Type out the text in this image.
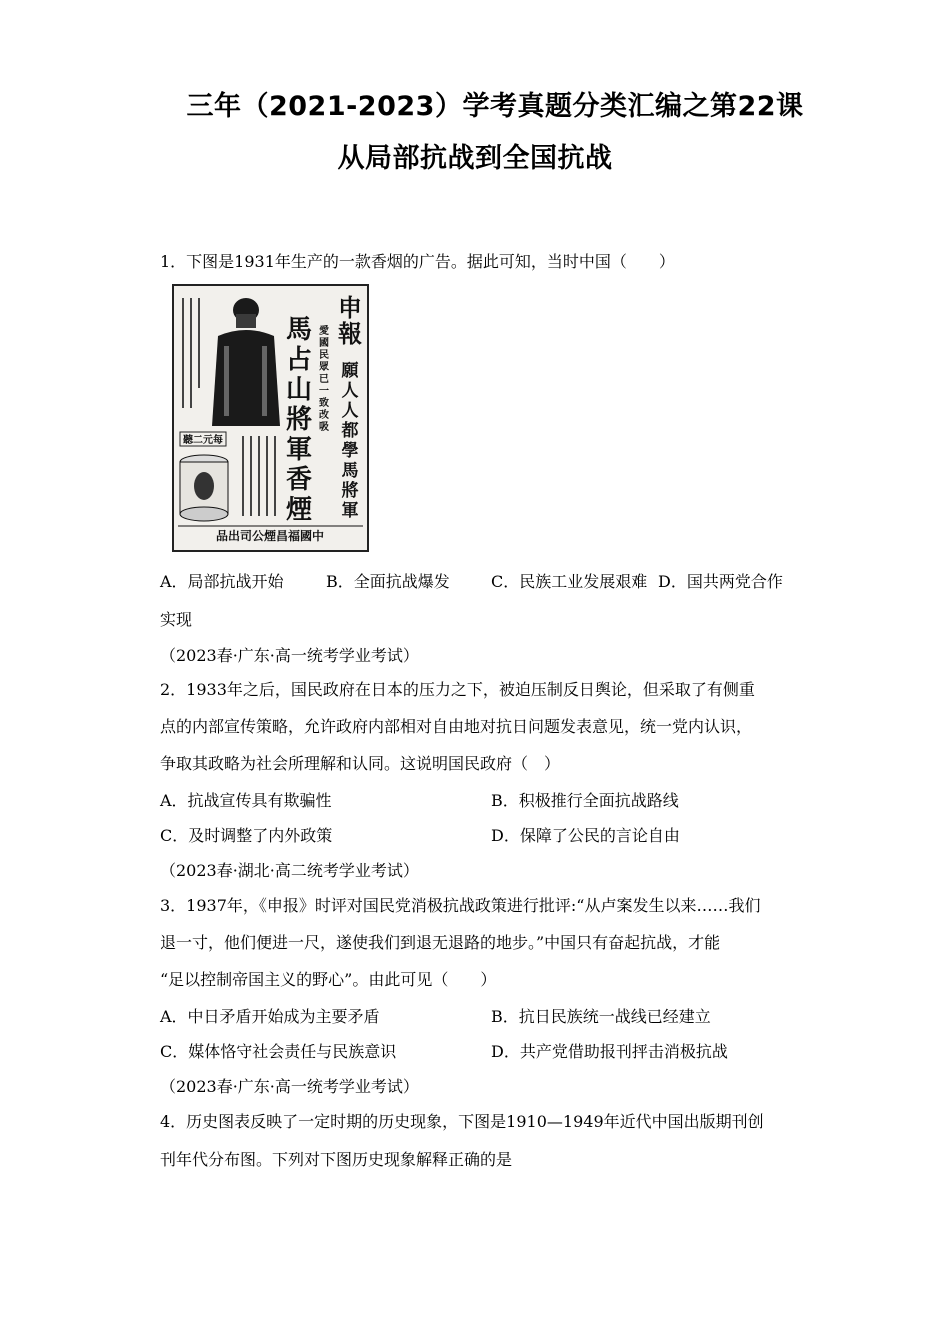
三年（2021-2023）学考真题分类汇编之第22课
从局部抗战到全国抗战
1．下图是1931年生产的一款香烟的广告。据此可知，当时中国（　　）
申
報
馬
占
山
將
軍
香
煙
願
人
人
都
學
馬
將
軍
愛
國
民
眾
已
一
致
改
吸
聽二元每
品出司公煙昌福國中
A．局部抗战开始	B．全面抗战爆发	C．民族工业发展艰难 D．国共两党合作
实现
（2023春·广东·高一统考学业考试）
2．1933年之后，国民政府在日本的压力之下，被迫压制反日舆论，但采取了有侧重
点的内部宣传策略，允许政府内部相对自由地对抗日问题发表意见，统一党内认识，
争取其政略为社会所理解和认同。这说明国民政府（　）
A．抗战宣传具有欺骗性	B．积极推行全面抗战路线
C．及时调整了内外政策	D．保障了公民的言论自由
（2023春·湖北·高二统考学业考试）
3．1937年，《申报》时评对国民党消极抗战政策进行批评:“从卢案发生以来……我们
退一寸，他们便进一尺，遂使我们到退无退路的地步。”中国只有奋起抗战，才能
“足以控制帝国主义的野心”。由此可见（　　）
A．中日矛盾开始成为主要矛盾	B．抗日民族统一战线已经建立
C．媒体恪守社会责任与民族意识	D．共产党借助报刊抨击消极抗战
（2023春·广东·高一统考学业考试）
4．历史图表反映了一定时期的历史现象，下图是1910—1949年近代中国出版期刊创
刊年代分布图。下列对下图历史现象解释正确的是
